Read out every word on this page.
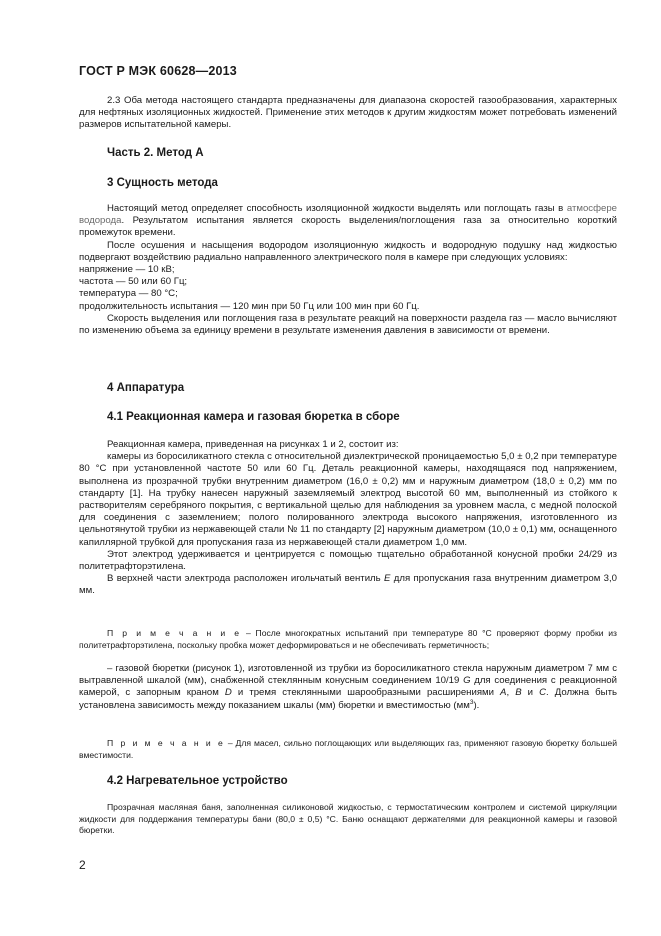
ГОСТ Р МЭК 60628—2013

2.3 Оба метода настоящего стандарта предназначены для диапазона скоростей газообразования, характерных для нефтяных изоляционных жидкостей. Применение этих методов к другим жидкостям может потребовать изменений размеров испытательной камеры.

Часть 2. Метод А
3 Сущность метода

Настоящий метод определяет способность изоляционной жидкости выделять или поглощать газы в атмосфере водорода. Результатом испытания является скорость выделения/поглощения газа за относительно короткий промежуток времени.

После осушения и насыщения водородом изоляционную жидкость и водородную подушку над жидкостью подвергают воздействию радиально направленного электрического поля в камере при следующих условиях:

напряжение — 10 кВ;

частота — 50 или 60 Гц;

температура — 80 °С;

продолжительность испытания — 120 мин при 50 Гц или 100 мин при 60 Гц.

Скорость выделения или поглощения газа в результате реакций на поверхности раздела газ — масло вычисляют по изменению объема за единицу времени в результате изменения давления в зависимости от времени.

4 Аппаратура
4.1 Реакционная камера и газовая бюретка в сборе

Реакционная камера, приведенная на рисунках 1 и 2, состоит из:

камеры из боросиликатного стекла с относительной диэлектрической проницаемостью 5,0 ± 0,2 при температуре 80 °С при установленной частоте 50 или 60 Гц. Деталь реакционной камеры, находящаяся под напряжением, выполнена из прозрачной трубки внутренним диаметром (16,0 ± 0,2) мм и наружным диаметром (18,0 ± 0,2) мм по стандарту [1]. На трубку нанесен наружный заземляемый электрод высотой 60 мм, выполненный из стойкого к растворителям серебряного покрытия, с вертикальной щелью для наблюдения за уровнем масла, с медной полоской для соединения с заземлением; полого полированного электрода высокого напряжения, изготовленного из цельнотянутой трубки из нержавеющей стали № 11 по стандарту [2] наружным диаметром (10,0 ± 0,1) мм, оснащенного капиллярной трубкой для пропускания газа из нержавеющей стали диаметром 1,0 мм.

Этот электрод удерживается и центрируется с помощью тщательно обработанной конусной пробки 24/29 из политетрафторэтилена.

В верхней части электрода расположен игольчатый вентиль E для пропускания газа внутренним диаметром 3,0 мм.

П р и м е ч а н и е – После многократных испытаний при температуре 80 °С проверяют форму пробки из политетрафторэтилена, поскольку пробка может деформироваться и не обеспечивать герметичность;

– газовой бюретки (рисунок 1), изготовленной из трубки из боросиликатного стекла наружным диаметром 7 мм с вытравленной шкалой (мм), снабженной стеклянным конусным соединением 10/19 G для соединения с реакционной камерой, с запорным краном D и тремя стеклянными шарообразными расширениями A, B и C. Должна быть установлена зависимость между показанием шкалы (мм) бюретки и вместимостью $(мм^3)$.

П р и м е ч а н и е – Для масел, сильно поглощающих или выделяющих газ, применяют газовую бюретку большей вместимости.

4.2 Нагревательное устройство

Прозрачная масляная баня, заполненная силиконовой жидкостью, с термостатическим контролем и системой циркуляции жидкости для поддержания температуры бани (80,0 ± 0,5) °С. Баню оснащают держателями для реакционной камеры и газовой бюретки.

2
